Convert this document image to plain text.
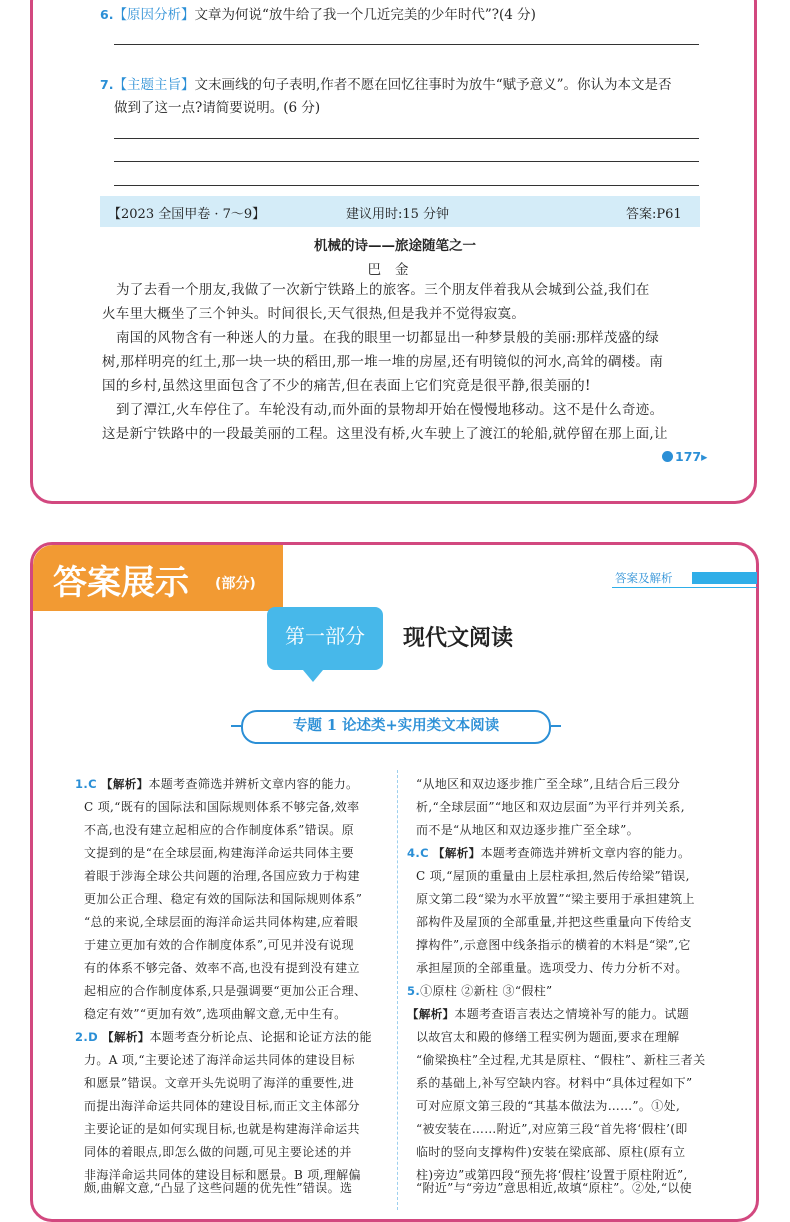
6.【原因分析】文章为何说“放牛给了我一个几近完美的少年时代”?(4 分)
7.【主题主旨】文末画线的句子表明,作者不愿在回忆往事时为放牛“赋予意义”。你认为本文是否
做到了这一点?请简要说明。(6 分)
【2023 全国甲卷 · 7～9】	建议用时:15 分钟	答案:P61
机械的诗——旅途随笔之一
巴金
为了去看一个朋友,我做了一次新宁铁路上的旅客。三个朋友伴着我从会城到公益,我们在
火车里大概坐了三个钟头。时间很长,天气很热,但是我并不觉得寂寞。
南国的风物含有一种迷人的力量。在我的眼里一切都显出一种梦景般的美丽:那样茂盛的绿
树,那样明亮的红土,那一块一块的稻田,那一堆一堆的房屋,还有明镜似的河水,高耸的碉楼。南
国的乡村,虽然这里面包含了不少的痛苦,但在表面上它们究竟是很平静,很美丽的!
到了潭江,火车停住了。车轮没有动,而外面的景物却开始在慢慢地移动。这不是什么奇迹。
这是新宁铁路中的一段最美丽的工程。这里没有桥,火车驶上了渡江的轮船,就停留在那上面,让
177▸
答案展示 (部分)	答案及解析
第一部分	现代文阅读
专题 1 论述类+实用类文本阅读
1.C 【解析】本题考查筛选并辨析文章内容的能力。
C 项,“既有的国际法和国际规则体系不够完备,效率
不高,也没有建立起相应的合作制度体系”错误。原
文提到的是“在全球层面,构建海洋命运共同体主要
着眼于涉海全球公共问题的治理,各国应致力于构建
更加公正合理、稳定有效的国际法和国际规则体系”
“总的来说,全球层面的海洋命运共同体构建,应着眼
于建立更加有效的合作制度体系”,可见并没有说现
有的体系不够完备、效率不高,也没有提到没有建立
起相应的合作制度体系,只是强调要“更加公正合理、
稳定有效”“更加有效”,选项曲解文意,无中生有。
2.D 【解析】本题考查分析论点、论据和论证方法的能
力。A 项,“主要论述了海洋命运共同体的建设目标
和愿景”错误。文章开头先说明了海洋的重要性,进
而提出海洋命运共同体的建设目标,而正文主体部分
主要论证的是如何实现目标,也就是构建海洋命运共
同体的着眼点,即怎么做的问题,可见主要论述的并
非海洋命运共同体的建设目标和愿景。B 项,理解偏
颇,曲解文意,“凸显了这些问题的优先性”错误。选
“从地区和双边逐步推广至全球”,且结合后三段分
析,“全球层面”“地区和双边层面”为平行并列关系,
而不是“从地区和双边逐步推广至全球”。
4.C 【解析】本题考查筛选并辨析文章内容的能力。
C 项,“屋顶的重量由上层柱承担,然后传给梁”错误,
原文第二段“梁为水平放置”“梁主要用于承担建筑上
部构件及屋顶的全部重量,并把这些重量向下传给支
撑构件”,示意图中线条指示的横着的木料是“梁”,它
承担屋顶的全部重量。选项受力、传力分析不对。
5.①原柱 ②新柱 ③“假柱”
【解析】本题考查语言表达之情境补写的能力。试题
以故宫太和殿的修缮工程实例为题面,要求在理解
“偷梁换柱”全过程,尤其是原柱、“假柱”、新柱三者关
系的基础上,补写空缺内容。材料中“具体过程如下”
可对应原文第三段的“其基本做法为……”。①处,
“被安装在……附近”,对应第三段“首先将‘假柱’(即
临时的竖向支撑构件)安装在梁底部、原柱(原有立
柱)旁边”或第四段“预先将‘假柱’设置于原柱附近”,
“附近”与“旁边”意思相近,故填“原柱”。②处,“以使
